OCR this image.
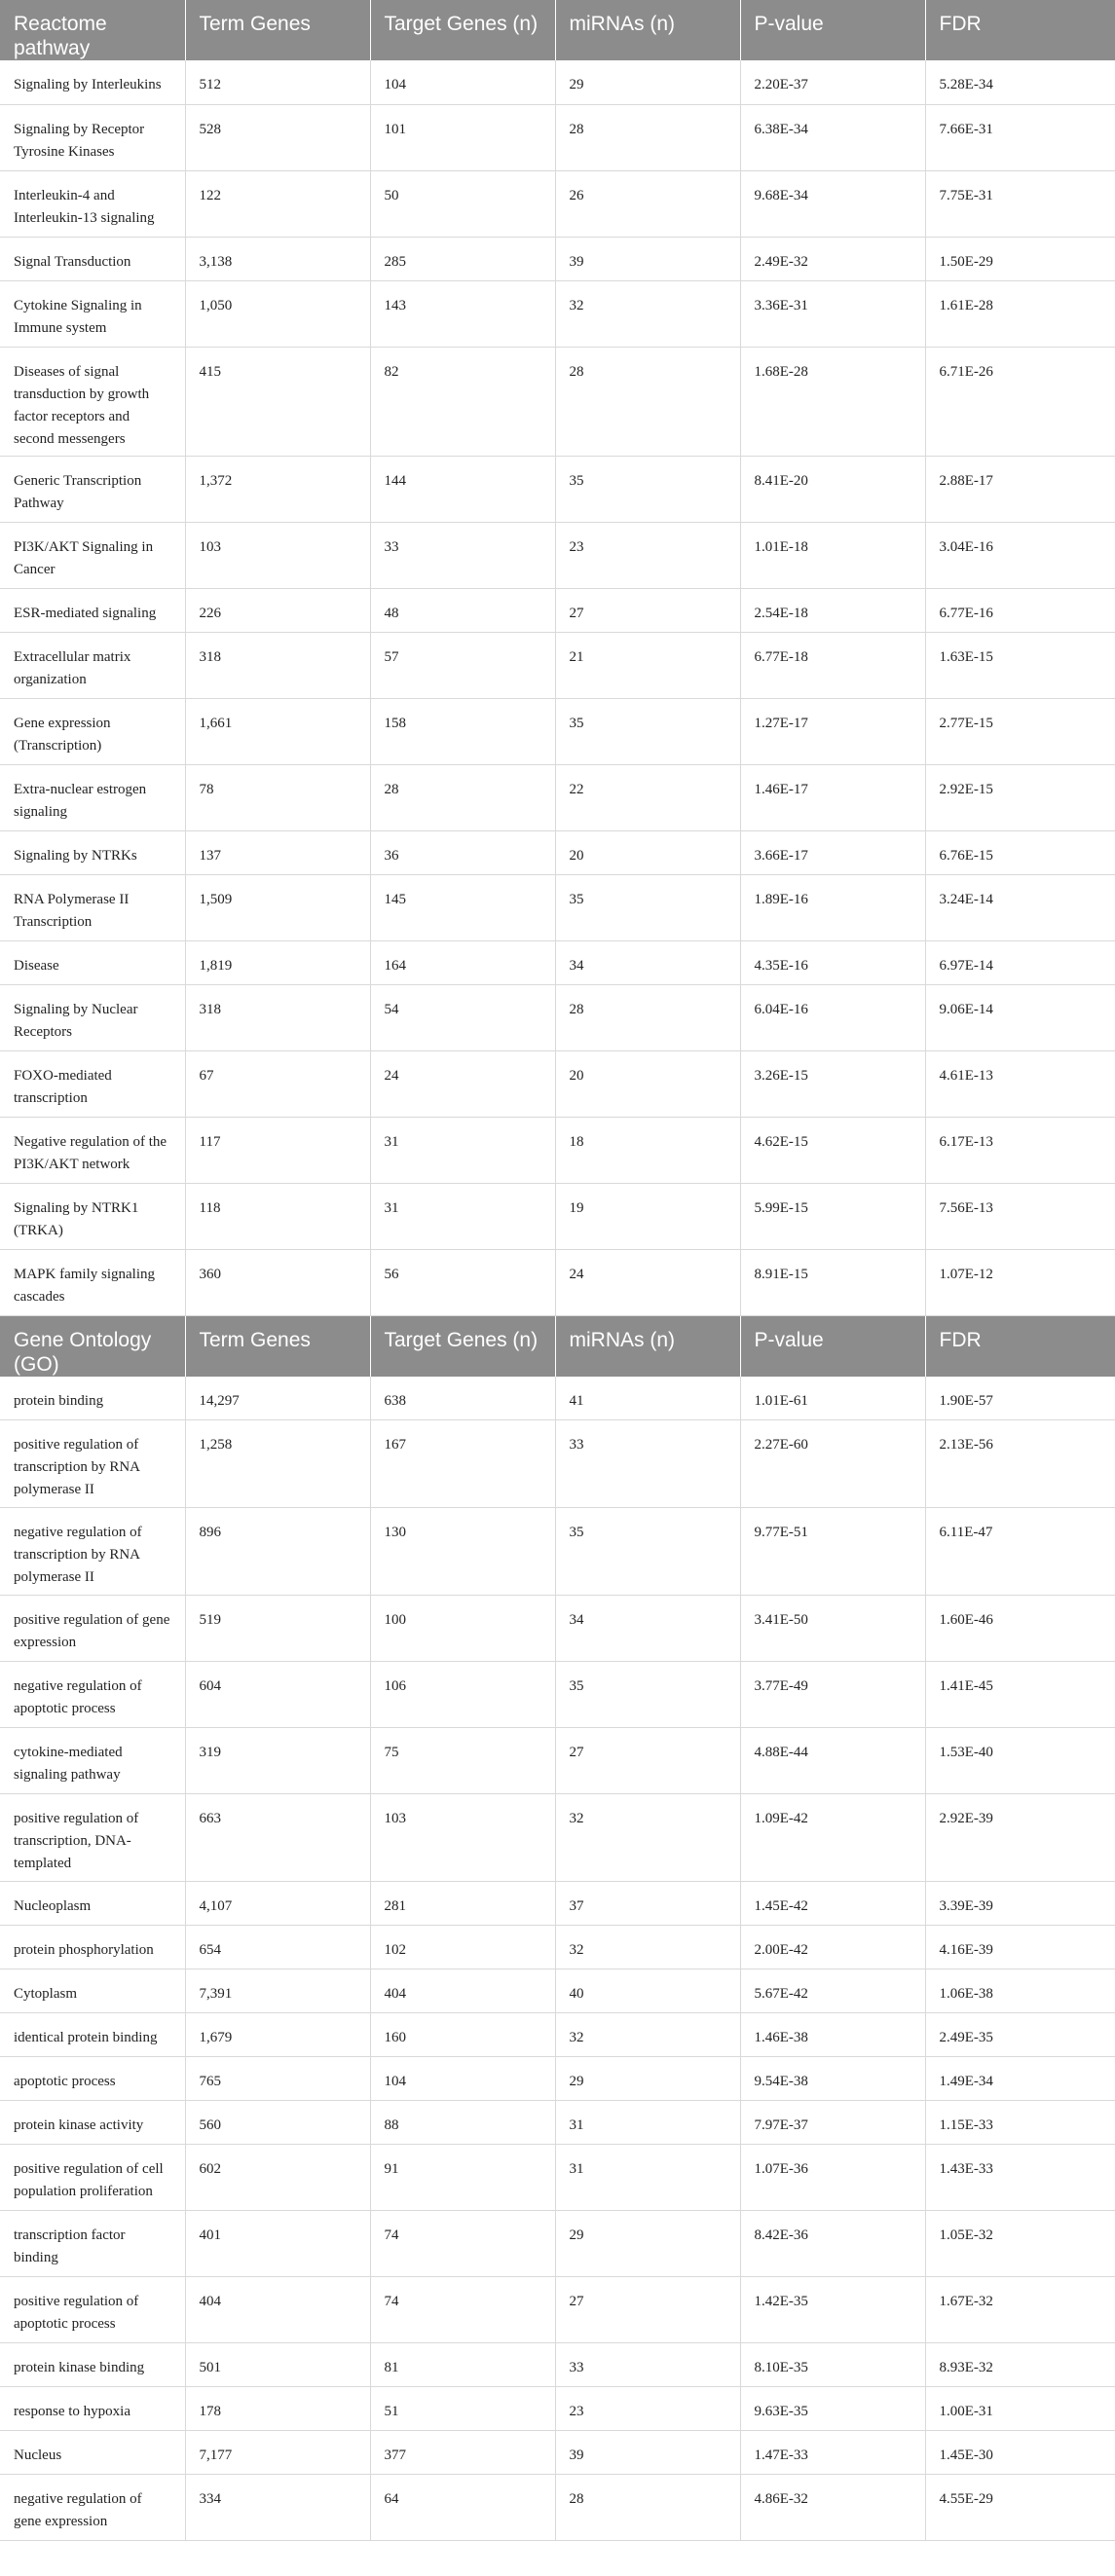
Reactome pathway	Term Genes	Target Genes (n)	miRNAs (n)	P-value	FDR
Signaling by Interleukins	512	104	29	2.20E-37	5.28E-34
Signaling by Receptor Tyrosine Kinases	528	101	28	6.38E-34	7.66E-31
Interleukin-4 and Interleukin-13 signaling	122	50	26	9.68E-34	7.75E-31
Signal Transduction	3,138	285	39	2.49E-32	1.50E-29
Cytokine Signaling in Immune system	1,050	143	32	3.36E-31	1.61E-28
Diseases of signal transduction by growth factor receptors and second messengers	415	82	28	1.68E-28	6.71E-26
Generic Transcription Pathway	1,372	144	35	8.41E-20	2.88E-17
PI3K/AKT Signaling in Cancer	103	33	23	1.01E-18	3.04E-16
ESR-mediated signaling	226	48	27	2.54E-18	6.77E-16
Extracellular matrix organization	318	57	21	6.77E-18	1.63E-15
Gene expression (Transcription)	1,661	158	35	1.27E-17	2.77E-15
Extra-nuclear estrogen signaling	78	28	22	1.46E-17	2.92E-15
Signaling by NTRKs	137	36	20	3.66E-17	6.76E-15
RNA Polymerase II Transcription	1,509	145	35	1.89E-16	3.24E-14
Disease	1,819	164	34	4.35E-16	6.97E-14
Signaling by Nuclear Receptors	318	54	28	6.04E-16	9.06E-14
FOXO-mediated transcription	67	24	20	3.26E-15	4.61E-13
Negative regulation of the PI3K/AKT network	117	31	18	4.62E-15	6.17E-13
Signaling by NTRK1 (TRKA)	118	31	19	5.99E-15	7.56E-13
MAPK family signaling cascades	360	56	24	8.91E-15	1.07E-12
Gene Ontology (GO)	Term Genes	Target Genes (n)	miRNAs (n)	P-value	FDR
protein binding	14,297	638	41	1.01E-61	1.90E-57
positive regulation of transcription by RNA polymerase II	1,258	167	33	2.27E-60	2.13E-56
negative regulation of transcription by RNA polymerase II	896	130	35	9.77E-51	6.11E-47
positive regulation of gene expression	519	100	34	3.41E-50	1.60E-46
negative regulation of apoptotic process	604	106	35	3.77E-49	1.41E-45
cytokine-mediated signaling pathway	319	75	27	4.88E-44	1.53E-40
positive regulation of transcription, DNA-templated	663	103	32	1.09E-42	2.92E-39
Nucleoplasm	4,107	281	37	1.45E-42	3.39E-39
protein phosphorylation	654	102	32	2.00E-42	4.16E-39
Cytoplasm	7,391	404	40	5.67E-42	1.06E-38
identical protein binding	1,679	160	32	1.46E-38	2.49E-35
apoptotic process	765	104	29	9.54E-38	1.49E-34
protein kinase activity	560	88	31	7.97E-37	1.15E-33
positive regulation of cell population proliferation	602	91	31	1.07E-36	1.43E-33
transcription factor binding	401	74	29	8.42E-36	1.05E-32
positive regulation of apoptotic process	404	74	27	1.42E-35	1.67E-32
protein kinase binding	501	81	33	8.10E-35	8.93E-32
response to hypoxia	178	51	23	9.63E-35	1.00E-31
Nucleus	7,177	377	39	1.47E-33	1.45E-30
negative regulation of gene expression	334	64	28	4.86E-32	4.55E-29
